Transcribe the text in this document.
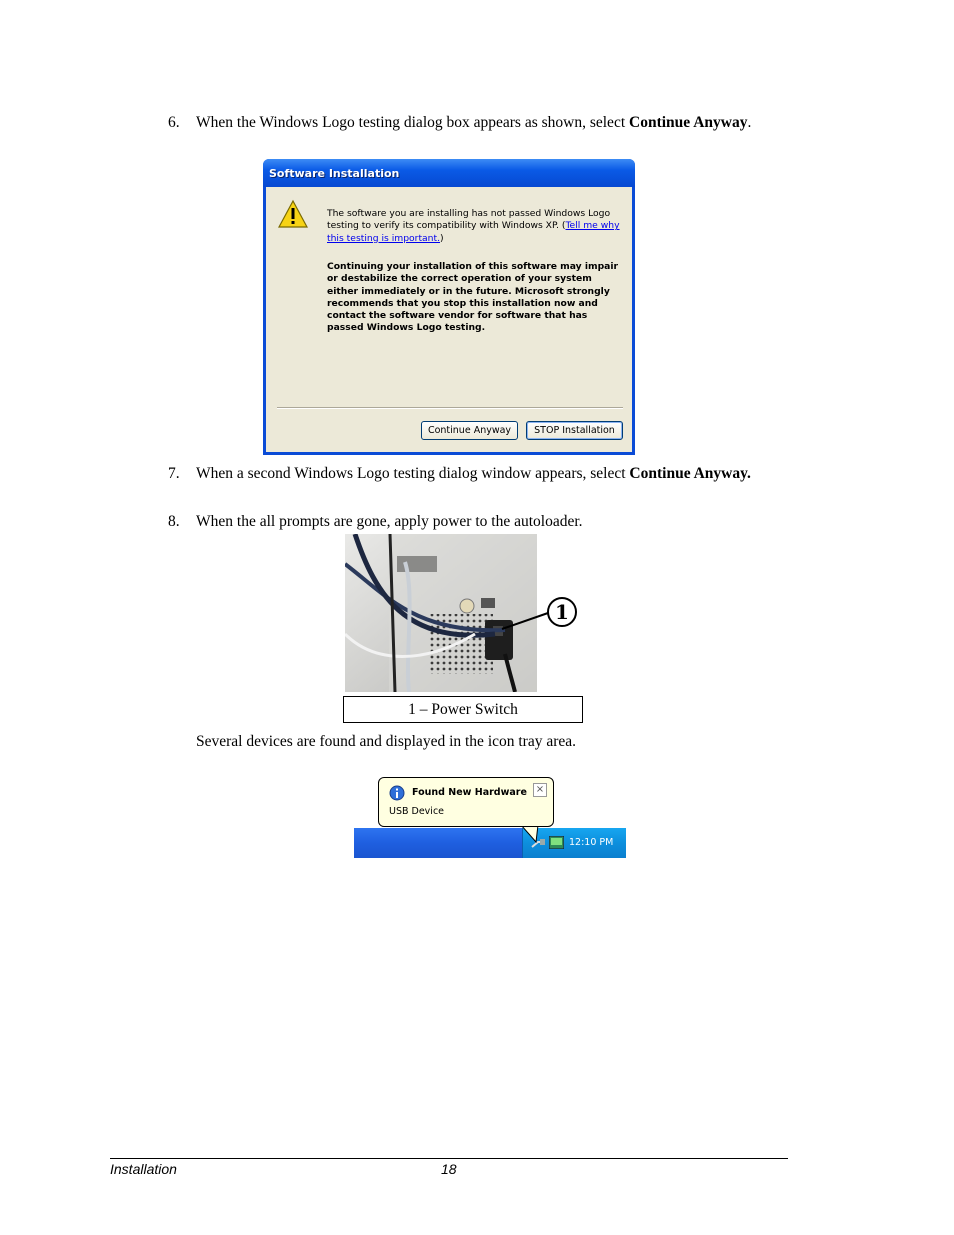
6. When the Windows Logo testing dialog box appears as shown, select Continue Anyway.
Software Installation
The software you are installing has not passed Windows Logo testing to verify its compatibility with Windows XP. (Tell me why this testing is important.)
Continuing your installation of this software may impair or destabilize the correct operation of your system either immediately or in the future. Microsoft strongly recommends that you stop this installation now and contact the software vendor for software that has passed Windows Logo testing.
Continue Anyway	STOP Installation
7. When a second Windows Logo testing dialog window appears, select Continue Anyway.
8. When the all prompts are gone, apply power to the autoloader.
1
1 – Power Switch
Several devices are found and displayed in the icon tray area.
12:10 PM
Found New Hardware
USB Device
×
Installation	18
